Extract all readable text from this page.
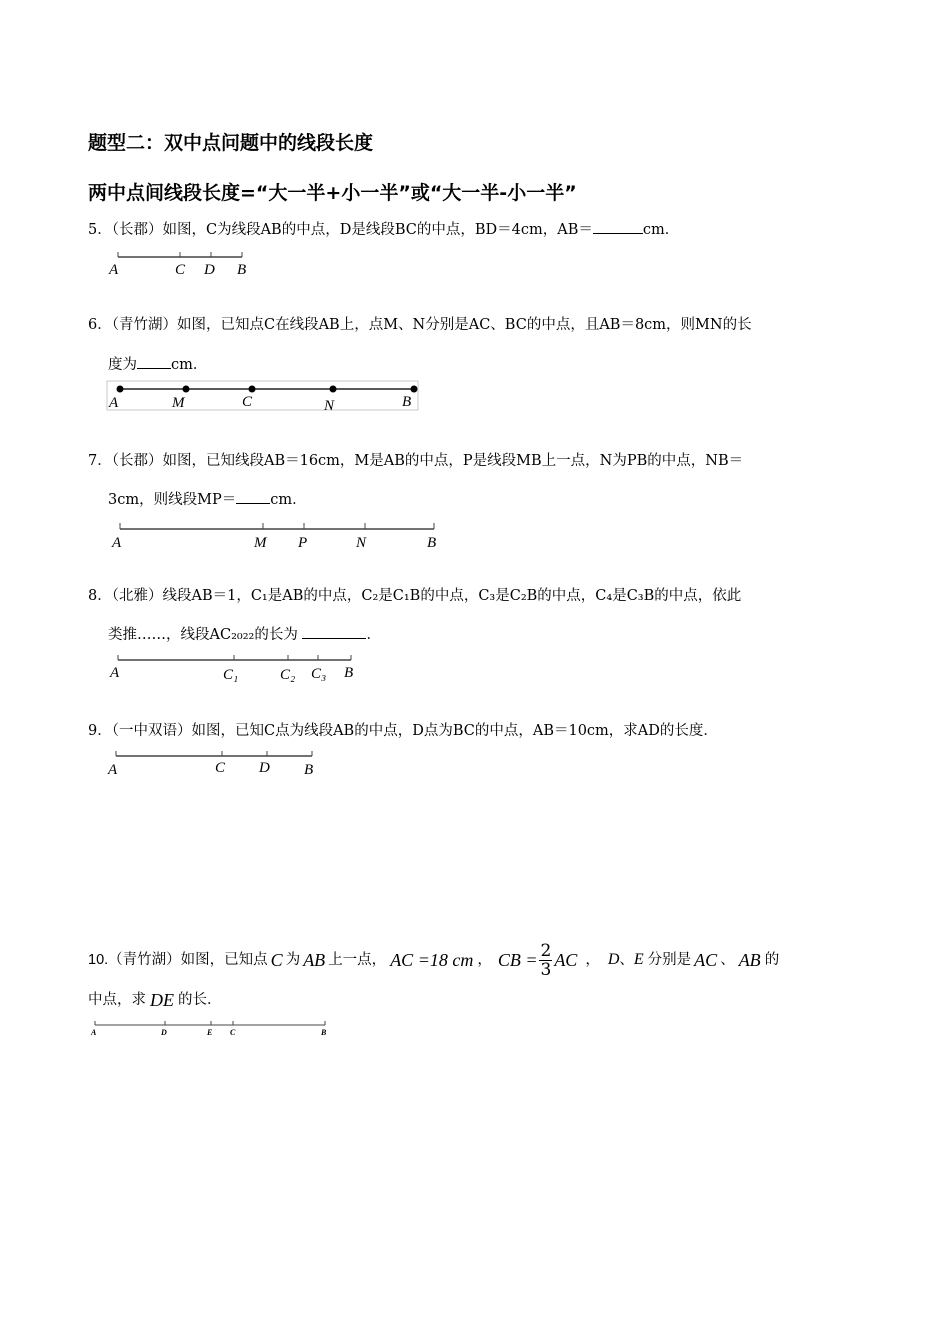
题型二：双中点问题中的线段长度
两中点间线段长度=“大一半+小一半”或“大一半-小一半”
5．（长郡）如图，C为线段AB的中点，D是线段BC的中点，BD＝4cm，AB＝	cm．
A	C D B
6．（青竹湖）如图，已知点C在线段AB上，点M、N分别是AC、BC的中点，且AB＝8cm，则MN的长
度为 cm．
A	M	C	N	B
7．（长郡）如图，已知线段AB＝16cm，M是AB的中点，P是线段MB上一点，N为PB的中点，NB＝
3cm，则线段MP＝ cm．
A	M P	N	B
8．（北雅）线段AB＝1，C₁是AB的中点，C₂是C₁B的中点，C₃是C₂B的中点，C₄是C₃B的中点，依此
类推……，线段AC₂₀₂₂的长为	．
A	C₁	C₂ C₃ B
9．（一中双语）如图，已知C点为线段AB的中点，D点为BC的中点，AB＝10cm，求AD的长度．
A	C D B
10. （青竹湖）如图，已知点 C 为 AB 上一点， AC =18 cm ， CB = $\frac{2}{3}$ AC ， D 、 E 分别是 AC 、 AB 的
中点，求 DE 的长．
A	D	E C	B
